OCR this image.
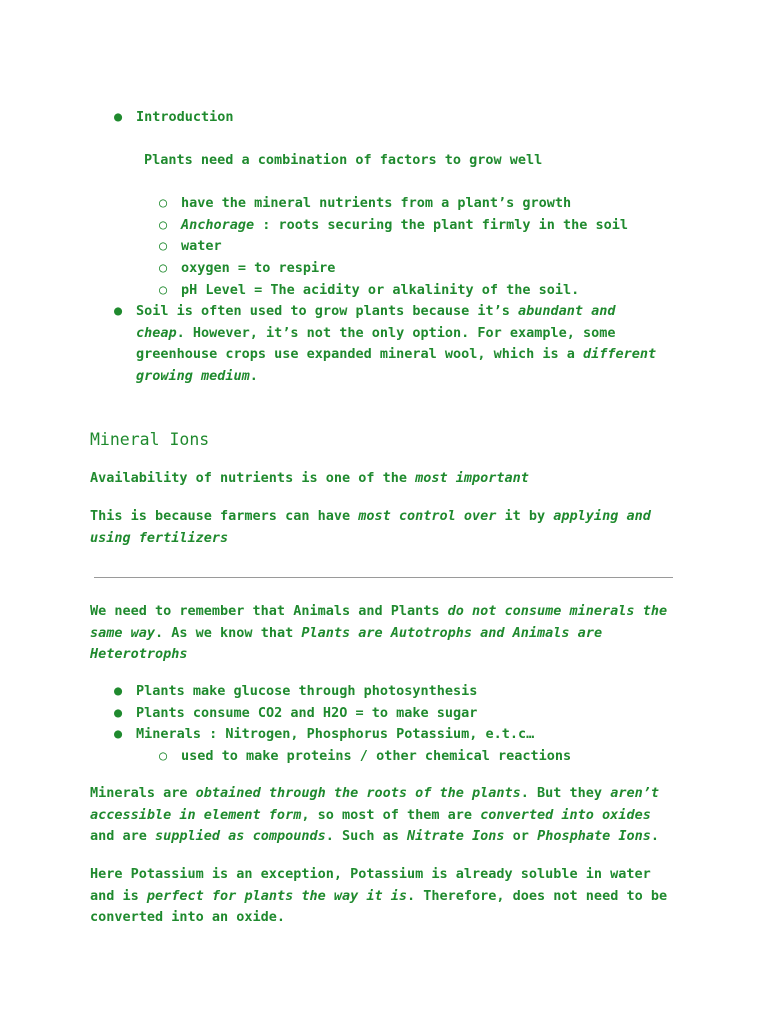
● Introduction
Plants need a combination of factors to grow well
○ have the mineral nutrients from a plant’s growth
○ Anchorage : roots securing the plant firmly in the soil
○ water
○ oxygen = to respire
○ pH Level = The acidity or alkalinity of the soil.
● Soil is often used to grow plants because it’s abundant and
cheap. However, it’s not the only option. For example, some
greenhouse crops use expanded mineral wool, which is a different
growing medium.
Mineral Ions
Availability of nutrients is one of the most important
This is because farmers can have most control over it by applying and
using fertilizers
We need to remember that Animals and Plants do not consume minerals the
same way. As we know that Plants are Autotrophs and Animals are
Heterotrophs
● Plants make glucose through photosynthesis
● Plants consume CO2 and H2O = to make sugar
● Minerals : Nitrogen, Phosphorus Potassium, e.t.c…
○ used to make proteins / other chemical reactions
Minerals are obtained through the roots of the plants. But they aren’t
accessible in element form, so most of them are converted into oxides
and are supplied as compounds. Such as Nitrate Ions or Phosphate Ions.
Here Potassium is an exception, Potassium is already soluble in water
and is perfect for plants the way it is. Therefore, does not need to be
converted into an oxide.
